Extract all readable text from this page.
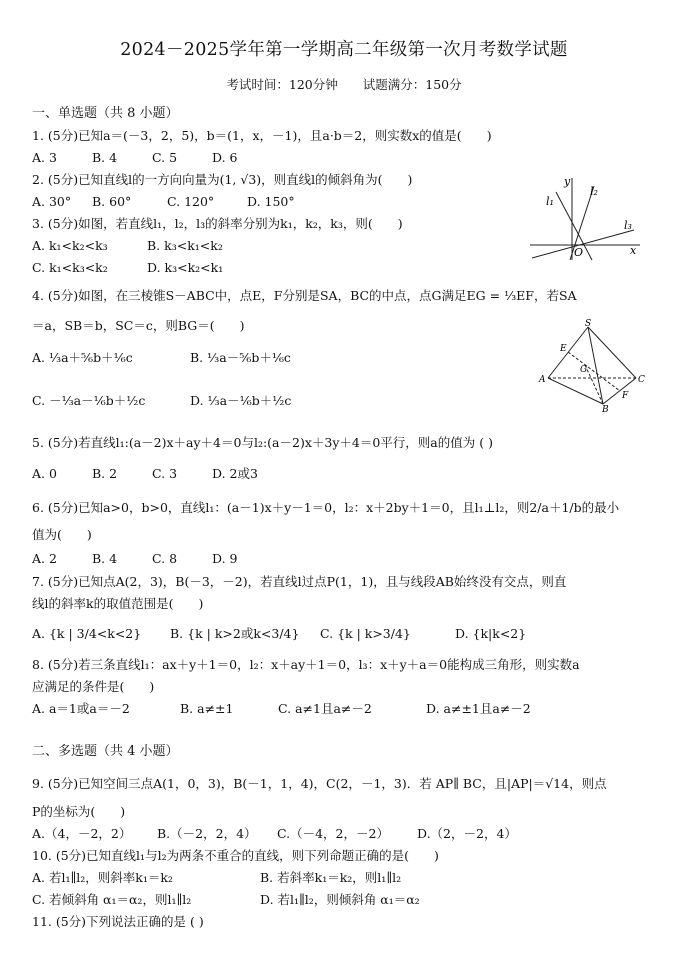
2024－2025学年第一学期高二年级第一次月考数学试题
考试时间：120分钟　　试题满分：150分
一、单选题（共 8 小题）
1. (5分)已知a＝(－3，2，5)，b＝(1，x，－1)，且a·b＝2，则实数x的值是(　　)
A. 3	B. 4	C. 5	D. 6
2. (5分)已知直线l的一方向向量为(1, √3)，则直线l的倾斜角为(　　)
A. 30° B. 60°	C. 120°	D. 150°
3. (5分)如图，若直线l₁，l₂，l₃的斜率分别为k₁，k₂，k₃，则(　　)
A. k₁<k₂<k₃	B. k₃<k₁<k₂
C. k₁<k₃<k₂	D. k₃<k₂<k₁
y
l₂
l₁
l₃
O	x
4. (5分)如图，在三棱锥S－ABC中，点E，F分别是SA，BC的中点，点G满足EG = ⅓EF，若SA
＝a，SB＝b，SC＝c，则BG＝(　　)
A. ⅓a＋⅚b＋⅙c	B. ⅓a－⅚b＋⅙c
C. －⅓a－⅙b＋½c	D. ⅓a－⅙b＋½c
S
E
G
A	C
F
B
5. (5分)若直线l₁:(a－2)x＋ay＋4＝0与l₂:(a－2)x＋3y＋4＝0平行，则a的值为 ( )
A. 0	B. 2	C. 3	D. 2或3
6. (5分)已知a>0，b>0，直线l₁：(a－1)x＋y－1＝0，l₂：x＋2by＋1＝0，且l₁⊥l₂，则2/a＋1/b的最小
值为(　　)
A. 2	B. 4	C. 8	D. 9
7. (5分)已知点A(2，3)，B(－3，－2)，若直线l过点P(1，1)，且与线段AB始终没有交点，则直
线l的斜率k的取值范围是(　　)
A. {k | 3/4<k<2} B. {k | k>2或k<3/4} C. {k | k>3/4}	D. {k|k<2}
8. (5分)若三条直线l₁：ax＋y＋1＝0，l₂：x＋ay＋1＝0，l₃：x＋y＋a＝0能构成三角形，则实数a
应满足的条件是(　　)
A. a＝1或a＝－2	B. a≠±1	C. a≠1且a≠－2	D. a≠±1且a≠－2
二、多选题（共 4 小题）
9. (5分)已知空间三点A(1，0，3)，B(－1，1，4)，C(2，－1，3)．若 AP∥ BC，且|AP|＝√14，则点
P的坐标为(　　)
A.（4，－2，2） B.（－2，2，4） C.（－4，2，－2） D.（2，－2，4）
10. (5分)已知直线l₁与l₂为两条不重合的直线，则下列命题正确的是(　　)
A. 若l₁∥l₂，则斜率k₁＝k₂	B. 若斜率k₁＝k₂，则l₁∥l₂
C. 若倾斜角 α₁＝α₂，则l₁∥l₂	D. 若l₁∥l₂，则倾斜角 α₁＝α₂
11. (5分)下列说法正确的是 ( )
